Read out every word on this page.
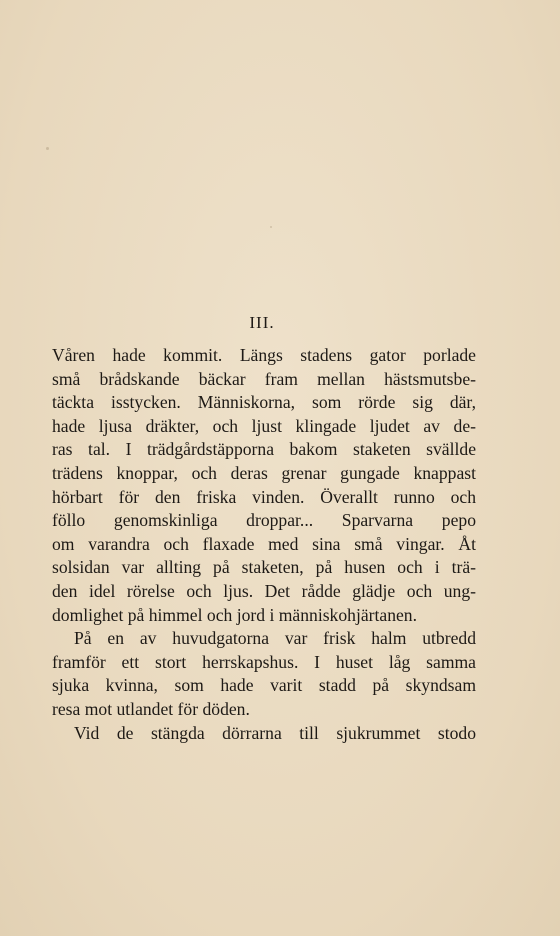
III.
Våren hade kommit. Längs stadens gator porlade
små brådskande bäckar fram mellan hästsmutsbe-
täckta isstycken. Människorna, som rörde sig där,
hade ljusa dräkter, och ljust klingade ljudet av de-
ras tal. I trädgårdstäpporna bakom staketen svällde
trädens knoppar, och deras grenar gungade knappast
hörbart för den friska vinden. Överallt runno och
föllo genomskinliga droppar... Sparvarna pepo
om varandra och flaxade med sina små vingar. Åt
solsidan var allting på staketen, på husen och i trä-
den idel rörelse och ljus. Det rådde glädje och ung-
domlighet på himmel och jord i människohjärtanen.
På en av huvudgatorna var frisk halm utbredd
framför ett stort herrskapshus. I huset låg samma
sjuka kvinna, som hade varit stadd på skyndsam
resa mot utlandet för döden.
Vid de stängda dörrarna till sjukrummet stodo
